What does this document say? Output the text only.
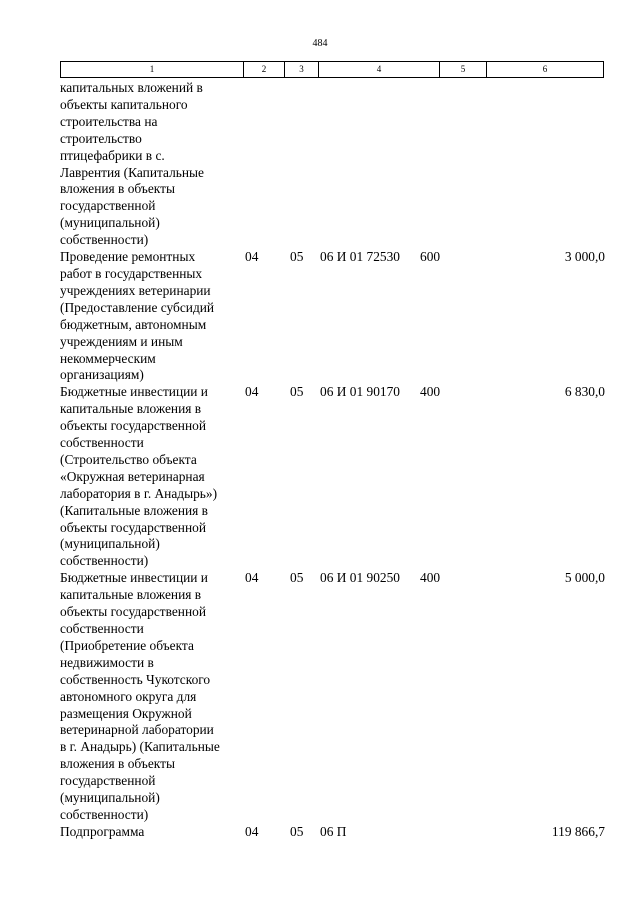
484
1	2	3	4	5	6
капитальных вложений в
объекты капитального
строительства на
строительство
птицефабрики в с.
Лаврентия (Капитальные
вложения в объекты
государственной
(муниципальной)
собственности)
Проведение ремонтных
работ в государственных
учреждениях ветеринарии
(Предоставление субсидий
бюджетным, автономным
учреждениям и иным
некоммерческим
организациям)
04	05	06 И 01 72530	600	3 000,0
Бюджетные инвестиции и
капитальные вложения в
объекты государственной
собственности
(Строительство объекта
«Окружная ветеринарная
лаборатория в г. Анадырь»)
(Капитальные вложения в
объекты государственной
(муниципальной)
собственности)
04	05	06 И 01 90170	400	6 830,0
Бюджетные инвестиции и
капитальные вложения в
объекты государственной
собственности
(Приобретение объекта
недвижимости в
собственность Чукотского
автономного округа для
размещения Окружной
ветеринарной лаборатории
в г. Анадырь) (Капитальные
вложения в объекты
государственной
(муниципальной)
собственности)
04	05	06 И 01 90250	400	5 000,0
Подпрограмма	04	05	06 П	119 866,7
